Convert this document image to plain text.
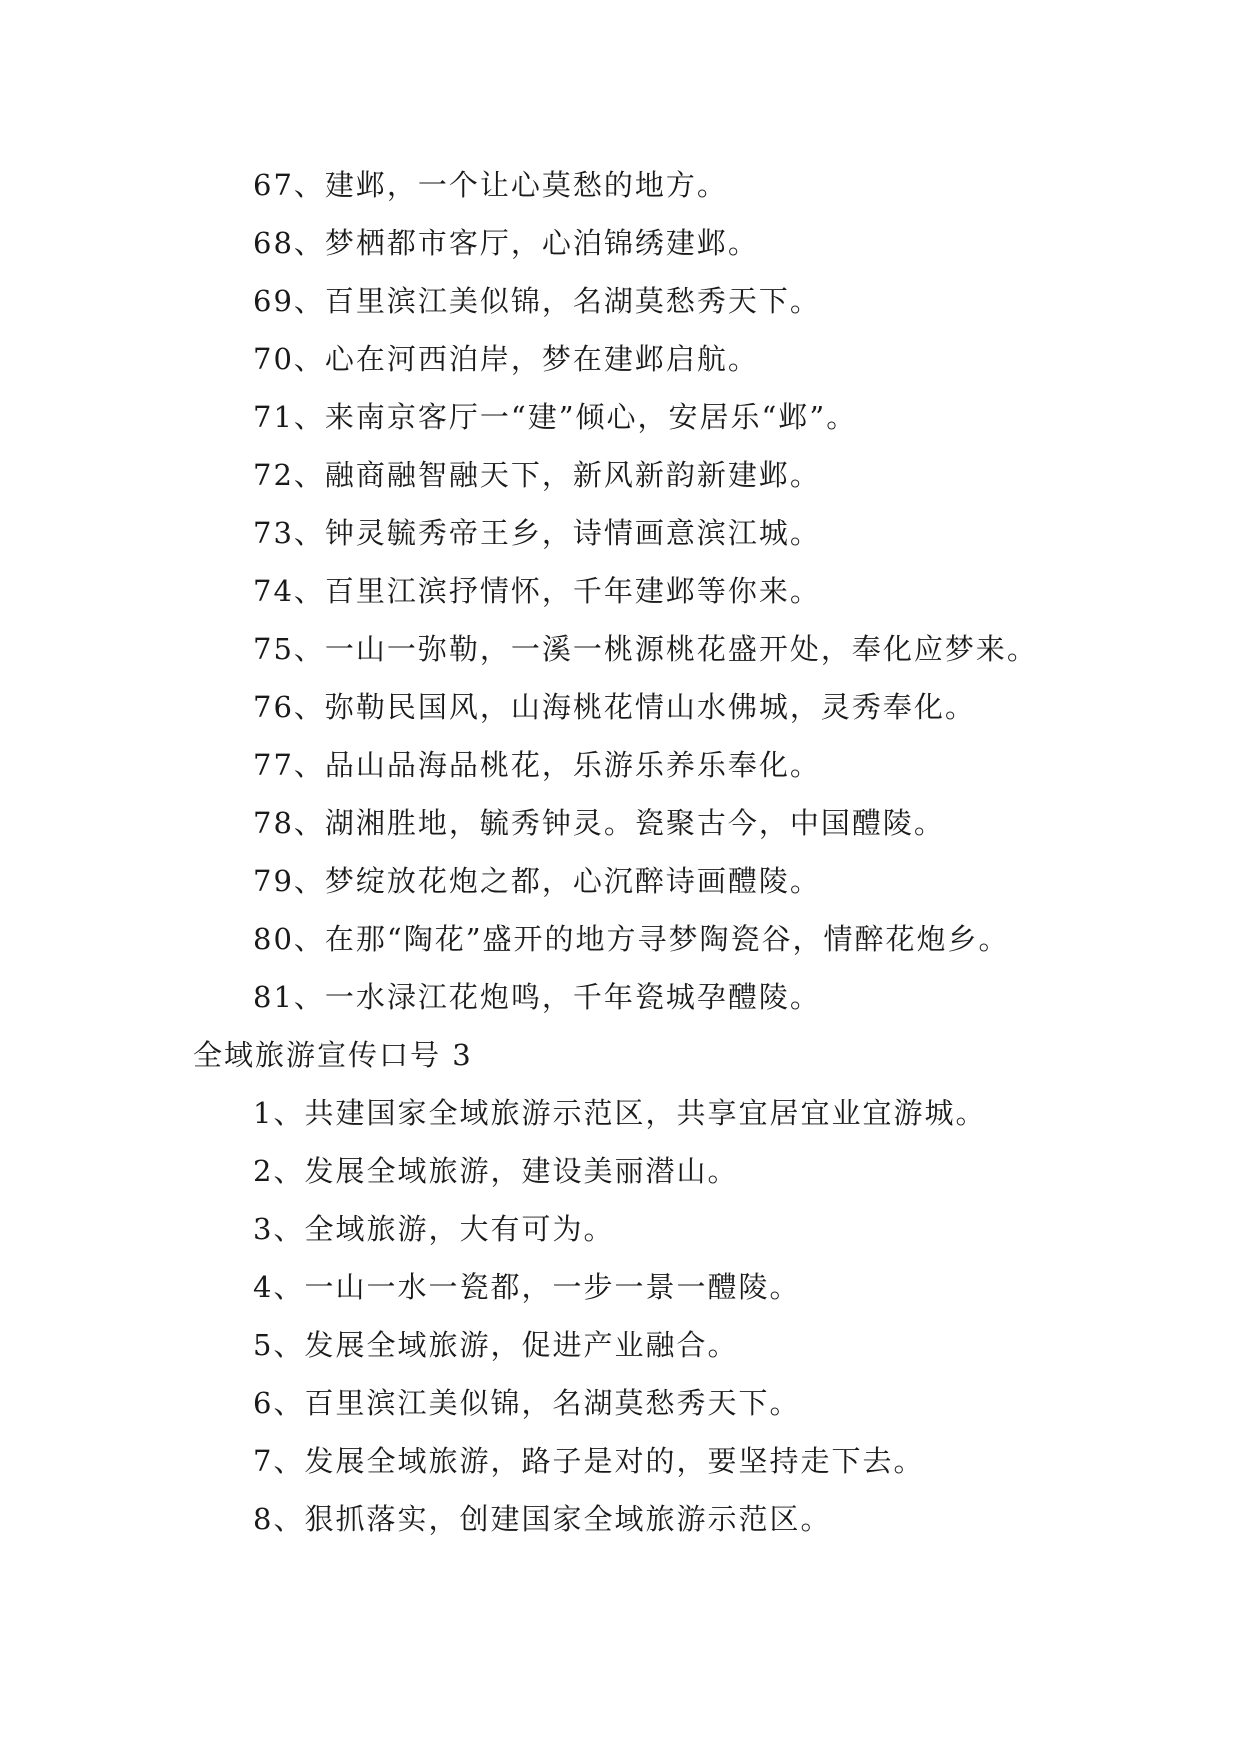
67、建邺，一个让心莫愁的地方。
68、梦栖都市客厅，心泊锦绣建邺。
69、百里滨江美似锦，名湖莫愁秀天下。
70、心在河西泊岸，梦在建邺启航。
71、来南京客厅一“建”倾心，安居乐“邺”。
72、融商融智融天下，新风新韵新建邺。
73、钟灵毓秀帝王乡，诗情画意滨江城。
74、百里江滨抒情怀，千年建邺等你来。
75、一山一弥勒，一溪一桃源桃花盛开处，奉化应梦来。
76、弥勒民国风，山海桃花情山水佛城，灵秀奉化。
77、品山品海品桃花，乐游乐养乐奉化。
78、湖湘胜地，毓秀钟灵。瓷聚古今，中国醴陵。
79、梦绽放花炮之都，心沉醉诗画醴陵。
80、在那“陶花”盛开的地方寻梦陶瓷谷，情醉花炮乡。
81、一水渌江花炮鸣，千年瓷城孕醴陵。
全域旅游宣传口号 3
1、共建国家全域旅游示范区，共享宜居宜业宜游城。
2、发展全域旅游，建设美丽潜山。
3、全域旅游，大有可为。
4、一山一水一瓷都，一步一景一醴陵。
5、发展全域旅游，促进产业融合。
6、百里滨江美似锦，名湖莫愁秀天下。
7、发展全域旅游，路子是对的，要坚持走下去。
8、狠抓落实，创建国家全域旅游示范区。
